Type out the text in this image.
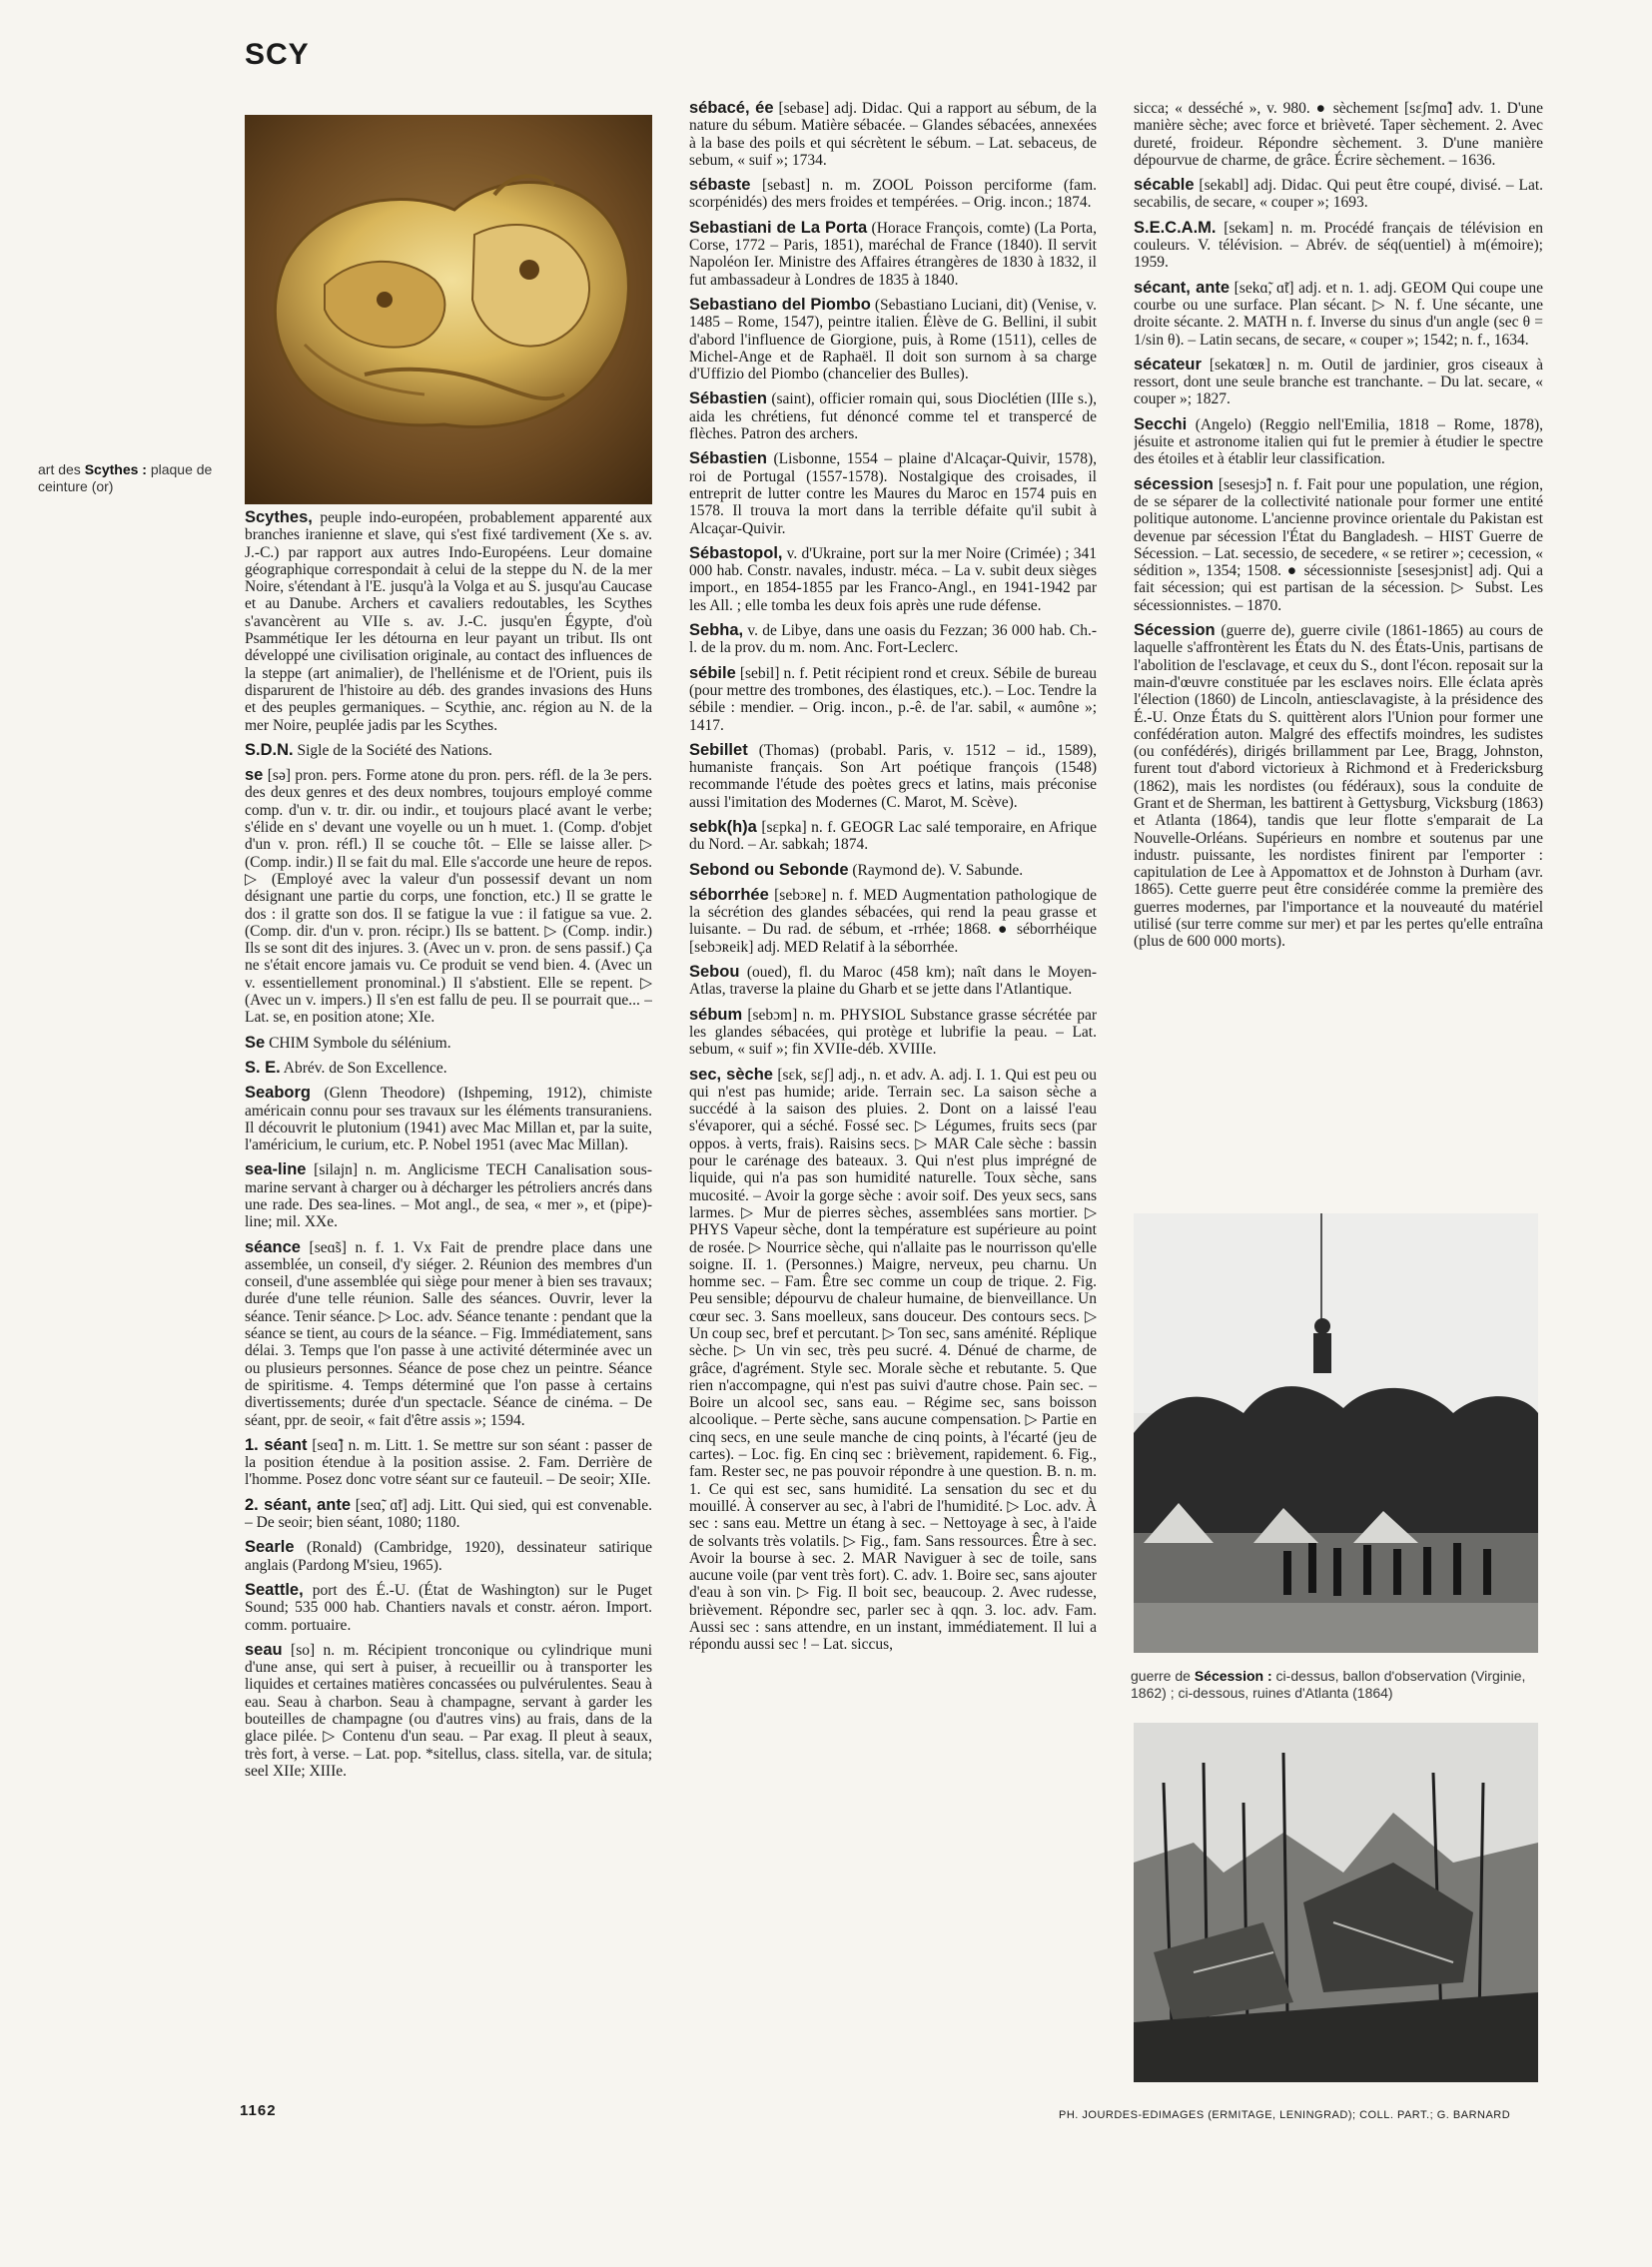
SCY
art des Scythes : plaque de ceinture (or)

Scythes, peuple indo-européen, probablement apparenté aux branches iranienne et slave, qui s'est fixé tardivement (Xe s. av. J.-C.) par rapport aux autres Indo-Européens. Leur domaine géographique correspondait à celui de la steppe du N. de la mer Noire, s'étendant à l'E. jusqu'à la Volga et au S. jusqu'au Caucase et au Danube. Archers et cavaliers redoutables, les Scythes s'avancèrent au VIIe s. av. J.-C. jusqu'en Égypte, d'où Psammétique Ier les détourna en leur payant un tribut. Ils ont développé une civilisation originale, au contact des influences de la steppe (art animalier), de l'hellénisme et de l'Orient, puis ils disparurent de l'histoire au déb. des grandes invasions des Huns et des peuples germaniques. – Scythie, anc. région au N. de la mer Noire, peuplée jadis par les Scythes.

S.D.N. Sigle de la Société des Nations.

se [sə] pron. pers. Forme atone du pron. pers. réfl. de la 3e pers. des deux genres et des deux nombres, toujours employé comme comp. d'un v. tr. dir. ou indir., et toujours placé avant le verbe; s'élide en s' devant une voyelle ou un h muet. 1. (Comp. d'objet d'un v. pron. réfl.) Il se couche tôt. – Elle se laisse aller. ▷ (Comp. indir.) Il se fait du mal. Elle s'accorde une heure de repos. ▷ (Employé avec la valeur d'un possessif devant un nom désignant une partie du corps, une fonction, etc.) Il se gratte le dos : il gratte son dos. Il se fatigue la vue : il fatigue sa vue. 2. (Comp. dir. d'un v. pron. récipr.) Ils se battent. ▷ (Comp. indir.) Ils se sont dit des injures. 3. (Avec un v. pron. de sens passif.) Ça ne s'était encore jamais vu. Ce produit se vend bien. 4. (Avec un v. essentiellement pronominal.) Il s'abstient. Elle se repent. ▷ (Avec un v. impers.) Il s'en est fallu de peu. Il se pourrait que... – Lat. se, en position atone; XIe.

Se CHIM Symbole du sélénium.

S. E. Abrév. de Son Excellence.

Seaborg (Glenn Theodore) (Ishpeming, 1912), chimiste américain connu pour ses travaux sur les éléments transuraniens. Il découvrit le plutonium (1941) avec Mac Millan et, par la suite, l'américium, le curium, etc. P. Nobel 1951 (avec Mac Millan).

sea-line [silajn] n. m. Anglicisme TECH Canalisation sous-marine servant à charger ou à décharger les pétroliers ancrés dans une rade. Des sea-lines. – Mot angl., de sea, « mer », et (pipe)-line; mil. XXe.

séance [seɑ̃s] n. f. 1. Vx Fait de prendre place dans une assemblée, un conseil, d'y siéger. 2. Réunion des membres d'un conseil, d'une assemblée qui siège pour mener à bien ses travaux; durée d'une telle réunion. Salle des séances. Ouvrir, lever la séance. Tenir séance. ▷ Loc. adv. Séance tenante : pendant que la séance se tient, au cours de la séance. – Fig. Immédiatement, sans délai. 3. Temps que l'on passe à une activité déterminée avec un ou plusieurs personnes. Séance de pose chez un peintre. Séance de spiritisme. 4. Temps déterminé que l'on passe à certains divertissements; durée d'un spectacle. Séance de cinéma. – De séant, ppr. de seoir, « fait d'être assis »; 1594.

1. séant [seɑ̃] n. m. Litt. 1. Se mettre sur son séant : passer de la position étendue à la position assise. 2. Fam. Derrière de l'homme. Posez donc votre séant sur ce fauteuil. – De seoir; XIIe.

2. séant, ante [seɑ̃, ɑ̃t] adj. Litt. Qui sied, qui est convenable. – De seoir; bien séant, 1080; 1180.

Searle (Ronald) (Cambridge, 1920), dessinateur satirique anglais (Pardong M'sieu, 1965).

Seattle, port des É.-U. (État de Washington) sur le Puget Sound; 535 000 hab. Chantiers navals et constr. aéron. Import. comm. portuaire.

seau [so] n. m. Récipient tronconique ou cylindrique muni d'une anse, qui sert à puiser, à recueillir ou à transporter les liquides et certaines matières concassées ou pulvérulentes. Seau à eau. Seau à charbon. Seau à champagne, servant à garder les bouteilles de champagne (ou d'autres vins) au frais, dans de la glace pilée. ▷ Contenu d'un seau. – Par exag. Il pleut à seaux, très fort, à verse. – Lat. pop. *sitellus, class. sitella, var. de situla; seel XIIe; XIIIe.

sébacé, ée [sebase] adj. Didac. Qui a rapport au sébum, de la nature du sébum. Matière sébacée. – Glandes sébacées, annexées à la base des poils et qui sécrètent le sébum. – Lat. sebaceus, de sebum, « suif »; 1734.

sébaste [sebast] n. m. ZOOL Poisson perciforme (fam. scorpénidés) des mers froides et tempérées. – Orig. incon.; 1874.

Sebastiani de La Porta (Horace François, comte) (La Porta, Corse, 1772 – Paris, 1851), maréchal de France (1840). Il servit Napoléon Ier. Ministre des Affaires étrangères de 1830 à 1832, il fut ambassadeur à Londres de 1835 à 1840.

Sebastiano del Piombo (Sebastiano Luciani, dit) (Venise, v. 1485 – Rome, 1547), peintre italien. Élève de G. Bellini, il subit d'abord l'influence de Giorgione, puis, à Rome (1511), celles de Michel-Ange et de Raphaël. Il doit son surnom à sa charge d'Uffizio del Piombo (chancelier des Bulles).

Sébastien (saint), officier romain qui, sous Dioclétien (IIIe s.), aida les chrétiens, fut dénoncé comme tel et transpercé de flèches. Patron des archers.

Sébastien (Lisbonne, 1554 – plaine d'Alcaçar-Quivir, 1578), roi de Portugal (1557-1578). Nostalgique des croisades, il entreprit de lutter contre les Maures du Maroc en 1574 puis en 1578. Il trouva la mort dans la terrible défaite qu'il subit à Alcaçar-Quivir.

Sébastopol, v. d'Ukraine, port sur la mer Noire (Crimée) ; 341 000 hab. Constr. navales, industr. méca. – La v. subit deux sièges import., en 1854-1855 par les Franco-Angl., en 1941-1942 par les All. ; elle tomba les deux fois après une rude défense.

Sebha, v. de Libye, dans une oasis du Fezzan; 36 000 hab. Ch.-l. de la prov. du m. nom. Anc. Fort-Leclerc.

sébile [sebil] n. f. Petit récipient rond et creux. Sébile de bureau (pour mettre des trombones, des élastiques, etc.). – Loc. Tendre la sébile : mendier. – Orig. incon., p.-ê. de l'ar. sabil, « aumône »; 1417.

Sebillet (Thomas) (probabl. Paris, v. 1512 – id., 1589), humaniste français. Son Art poétique françois (1548) recommande l'étude des poètes grecs et latins, mais préconise aussi l'imitation des Modernes (C. Marot, M. Scève).

sebk(h)a [sɛpka] n. f. GEOGR Lac salé temporaire, en Afrique du Nord. – Ar. sabkah; 1874.

Sebond ou Sebonde (Raymond de). V. Sabunde.

séborrhée [sebɔʀe] n. f. MED Augmentation pathologique de la sécrétion des glandes sébacées, qui rend la peau grasse et luisante. – Du rad. de sébum, et -rrhée; 1868. ● séborrhéique [sebɔʀeik] adj. MED Relatif à la séborrhée.

Sebou (oued), fl. du Maroc (458 km); naît dans le Moyen-Atlas, traverse la plaine du Gharb et se jette dans l'Atlantique.

sébum [sebɔm] n. m. PHYSIOL Substance grasse sécrétée par les glandes sébacées, qui protège et lubrifie la peau. – Lat. sebum, « suif »; fin XVIIe-déb. XVIIIe.

sec, sèche [sɛk, sɛʃ] adj., n. et adv. A. adj. I. 1. Qui est peu ou qui n'est pas humide; aride. Terrain sec. La saison sèche a succédé à la saison des pluies. 2. Dont on a laissé l'eau s'évaporer, qui a séché. Fossé sec. ▷ Légumes, fruits secs (par oppos. à verts, frais). Raisins secs. ▷ MAR Cale sèche : bassin pour le carénage des bateaux. 3. Qui n'est plus imprégné de liquide, qui n'a pas son humidité naturelle. Toux sèche, sans mucosité. – Avoir la gorge sèche : avoir soif. Des yeux secs, sans larmes. ▷ Mur de pierres sèches, assemblées sans mortier. ▷ PHYS Vapeur sèche, dont la température est supérieure au point de rosée. ▷ Nourrice sèche, qui n'allaite pas le nourrisson qu'elle soigne. II. 1. (Personnes.) Maigre, nerveux, peu charnu. Un homme sec. – Fam. Être sec comme un coup de trique. 2. Fig. Peu sensible; dépourvu de chaleur humaine, de bienveillance. Un cœur sec. 3. Sans moelleux, sans douceur. Des contours secs. ▷ Un coup sec, bref et percutant. ▷ Ton sec, sans aménité. Réplique sèche. ▷ Un vin sec, très peu sucré. 4. Dénué de charme, de grâce, d'agrément. Style sec. Morale sèche et rebutante. 5. Que rien n'accompagne, qui n'est pas suivi d'autre chose. Pain sec. – Boire un alcool sec, sans eau. – Régime sec, sans boisson alcoolique. – Perte sèche, sans aucune compensation. ▷ Partie en cinq secs, en une seule manche de cinq points, à l'écarté (jeu de cartes). – Loc. fig. En cinq sec : brièvement, rapidement. 6. Fig., fam. Rester sec, ne pas pouvoir répondre à une question. B. n. m. 1. Ce qui est sec, sans humidité. La sensation du sec et du mouillé. À conserver au sec, à l'abri de l'humidité. ▷ Loc. adv. À sec : sans eau. Mettre un étang à sec. – Nettoyage à sec, à l'aide de solvants très volatils. ▷ Fig., fam. Sans ressources. Être à sec. Avoir la bourse à sec. 2. MAR Naviguer à sec de toile, sans aucune voile (par vent très fort). C. adv. 1. Boire sec, sans ajouter d'eau à son vin. ▷ Fig. Il boit sec, beaucoup. 2. Avec rudesse, brièvement. Répondre sec, parler sec à qqn. 3. loc. adv. Fam. Aussi sec : sans attendre, en un instant, immédiatement. Il lui a répondu aussi sec ! – Lat. siccus,

sicca; « desséché », v. 980. ● sèchement [sɛʃmɑ̃] adv. 1. D'une manière sèche; avec force et brièveté. Taper sèchement. 2. Avec dureté, froideur. Répondre sèchement. 3. D'une manière dépourvue de charme, de grâce. Écrire sèchement. – 1636.

sécable [sekabl] adj. Didac. Qui peut être coupé, divisé. – Lat. secabilis, de secare, « couper »; 1693.

S.E.C.A.M. [sekam] n. m. Procédé français de télévision en couleurs. V. télévision. – Abrév. de séq(uentiel) à m(émoire); 1959.

sécant, ante [sekɑ̃, ɑ̃t] adj. et n. 1. adj. GEOM Qui coupe une courbe ou une surface. Plan sécant. ▷ N. f. Une sécante, une droite sécante. 2. MATH n. f. Inverse du sinus d'un angle (sec θ = 1/sin θ). – Latin secans, de secare, « couper »; 1542; n. f., 1634.

sécateur [sekatœʀ] n. m. Outil de jardinier, gros ciseaux à ressort, dont une seule branche est tranchante. – Du lat. secare, « couper »; 1827.

Secchi (Angelo) (Reggio nell'Emilia, 1818 – Rome, 1878), jésuite et astronome italien qui fut le premier à étudier le spectre des étoiles et à établir leur classification.

sécession [sesesjɔ̃] n. f. Fait pour une population, une région, de se séparer de la collectivité nationale pour former une entité politique autonome. L'ancienne province orientale du Pakistan est devenue par sécession l'État du Bangladesh. – HIST Guerre de Sécession. – Lat. secessio, de secedere, « se retirer »; cecession, « sédition », 1354; 1508. ● sécessionniste [sesesjɔnist] adj. Qui a fait sécession; qui est partisan de la sécession. ▷ Subst. Les sécessionnistes. – 1870.

Sécession (guerre de), guerre civile (1861-1865) au cours de laquelle s'affrontèrent les États du N. des États-Unis, partisans de l'abolition de l'esclavage, et ceux du S., dont l'écon. reposait sur la main-d'œuvre constituée par les esclaves noirs. Elle éclata après l'élection (1860) de Lincoln, antiesclavagiste, à la présidence des É.-U. Onze États du S. quittèrent alors l'Union pour former une confédération auton. Malgré des effectifs moindres, les sudistes (ou confédérés), dirigés brillamment par Lee, Bragg, Johnston, furent tout d'abord victorieux à Richmond et à Fredericksburg (1862), mais les nordistes (ou fédéraux), sous la conduite de Grant et de Sherman, les battirent à Gettysburg, Vicksburg (1863) et Atlanta (1864), tandis que leur flotte s'emparait de La Nouvelle-Orléans. Supérieurs en nombre et soutenus par une industr. puissante, les nordistes finirent par l'emporter : capitulation de Lee à Appomattox et de Johnston à Durham (avr. 1865). Cette guerre peut être considérée comme la première des guerres modernes, par l'importance et la nouveauté du matériel utilisé (sur terre comme sur mer) et par les pertes qu'elle entraîna (plus de 600 000 morts).

guerre de Sécession : ci-dessus, ballon d'observation (Virginie, 1862) ; ci-dessous, ruines d'Atlanta (1864)
1162	PH. JOURDES-EDIMAGES (ERMITAGE, LENINGRAD); COLL. PART.; G. BARNARD
